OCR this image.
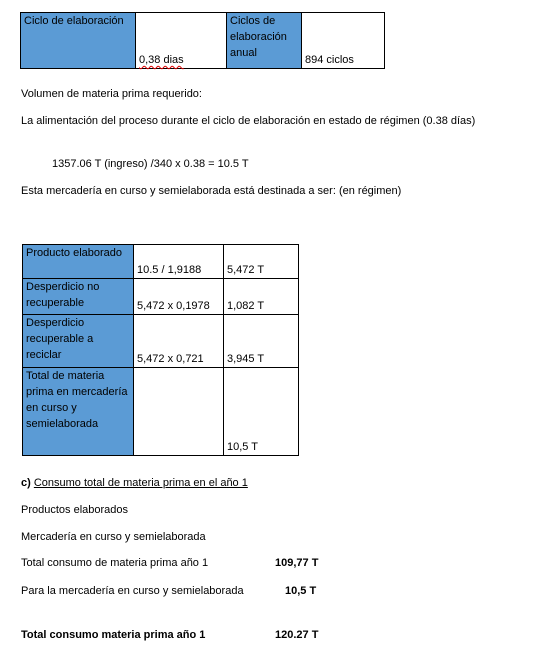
Ciclo de elaboración	0,38 dias	Ciclos de elaboración anual	894 ciclos
Volumen de materia prima requerido:
La alimentación del proceso durante el ciclo de elaboración en estado de régimen (0.38 días)
1357.06 T (ingreso) /340 x 0.38 = 10.5 T
Esta mercadería en curso y semielaborada está destinada a ser: (en régimen)
Producto elaborado	10.5 / 1,9188	5,472 T
Desperdicio no recuperable	5,472 x 0,1978	1,082 T
Desperdicio recuperable a reciclar	5,472 x 0,721	3,945 T
Total de materia prima en mercadería en curso y semielaborada		10,5 T
c) Consumo total de materia prima en el año 1
Productos elaborados
Mercadería en curso y semielaborada
Total consumo de materia prima año 1	109,77 T
Para la mercadería en curso y semielaborada	10,5 T
Total consumo materia prima año 1	120.27 T
